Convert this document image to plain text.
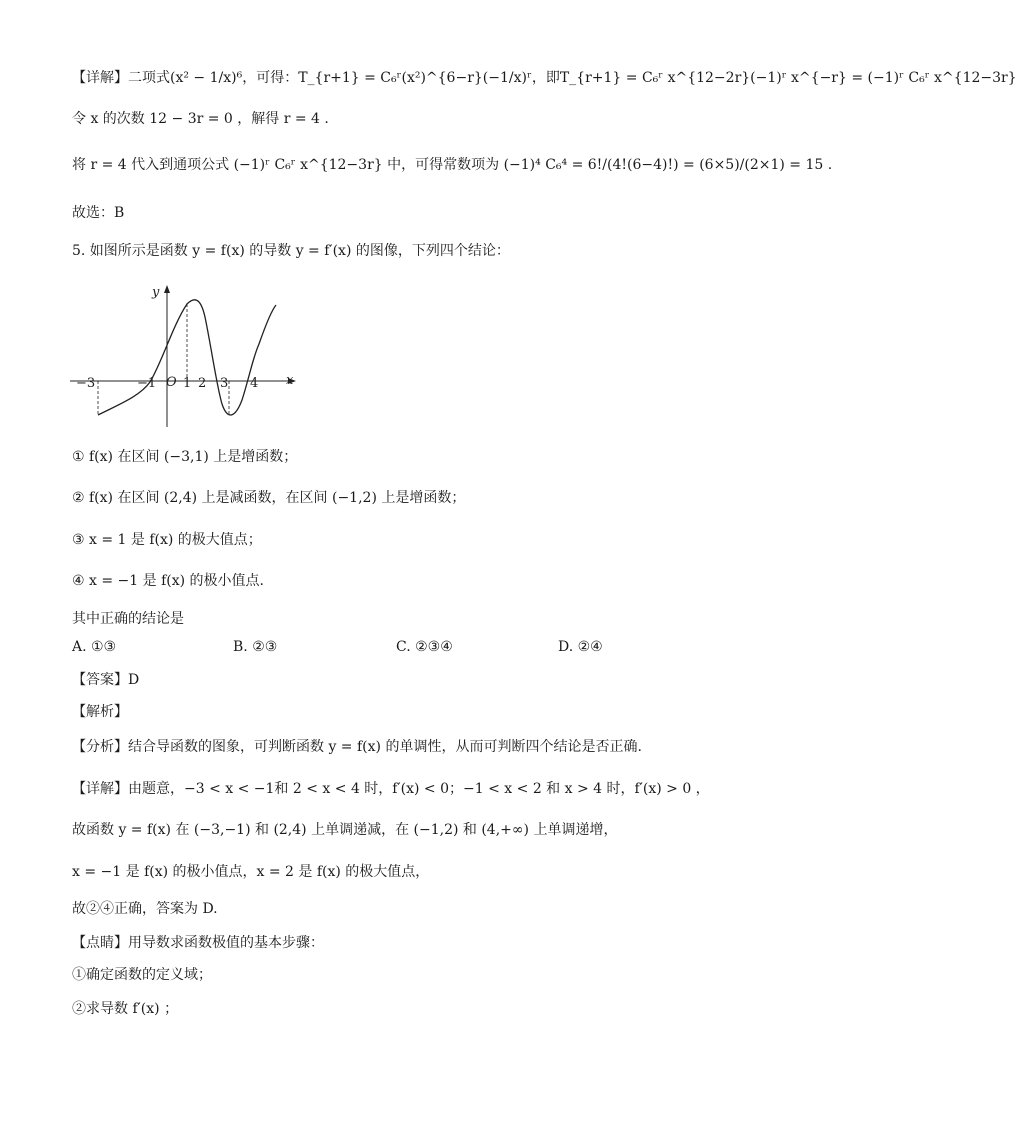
【详解】二项式(x² − 1/x)⁶，可得：T_{r+1} = C₆ʳ(x²)^{6−r}(−1/x)ʳ，即T_{r+1} = C₆ʳ x^{12−2r}(−1)ʳ x^{−r} = (−1)ʳ C₆ʳ x^{12−3r}
令 x 的次数 12 − 3r = 0 ，解得 r = 4 .
将 r = 4 代入到通项公式 (−1)ʳ C₆ʳ x^{12−3r} 中，可得常数项为 (−1)⁴ C₆⁴ = 6!/(4!(6−4)!) = (6×5)/(2×1) = 15 .
故选：B
5. 如图所示是函数 y = f(x) 的导数 y = f′(x) 的图像，下列四个结论：
y
x
O
−3	−1 1 2 3 4
① f(x) 在区间 (−3,1) 上是增函数；
② f(x) 在区间 (2,4) 上是减函数，在区间 (−1,2) 上是增函数；
③ x = 1 是 f(x) 的极大值点；
④ x = −1 是 f(x) 的极小值点.
其中正确的结论是
A. ①③	B. ②③	C. ②③④	D. ②④
【答案】D
【解析】
【分析】结合导函数的图象，可判断函数 y = f(x) 的单调性，从而可判断四个结论是否正确.
【详解】由题意，−3 < x < −1和 2 < x < 4 时，f′(x) < 0；−1 < x < 2 和 x > 4 时，f′(x) > 0 ，
故函数 y = f(x) 在 (−3,−1) 和 (2,4) 上单调递减，在 (−1,2) 和 (4,+∞) 上单调递增，
x = −1 是 f(x) 的极小值点，x = 2 是 f(x) 的极大值点，
故②④正确，答案为 D.
【点睛】用导数求函数极值的基本步骤：
①确定函数的定义域；
②求导数 f′(x) ；
